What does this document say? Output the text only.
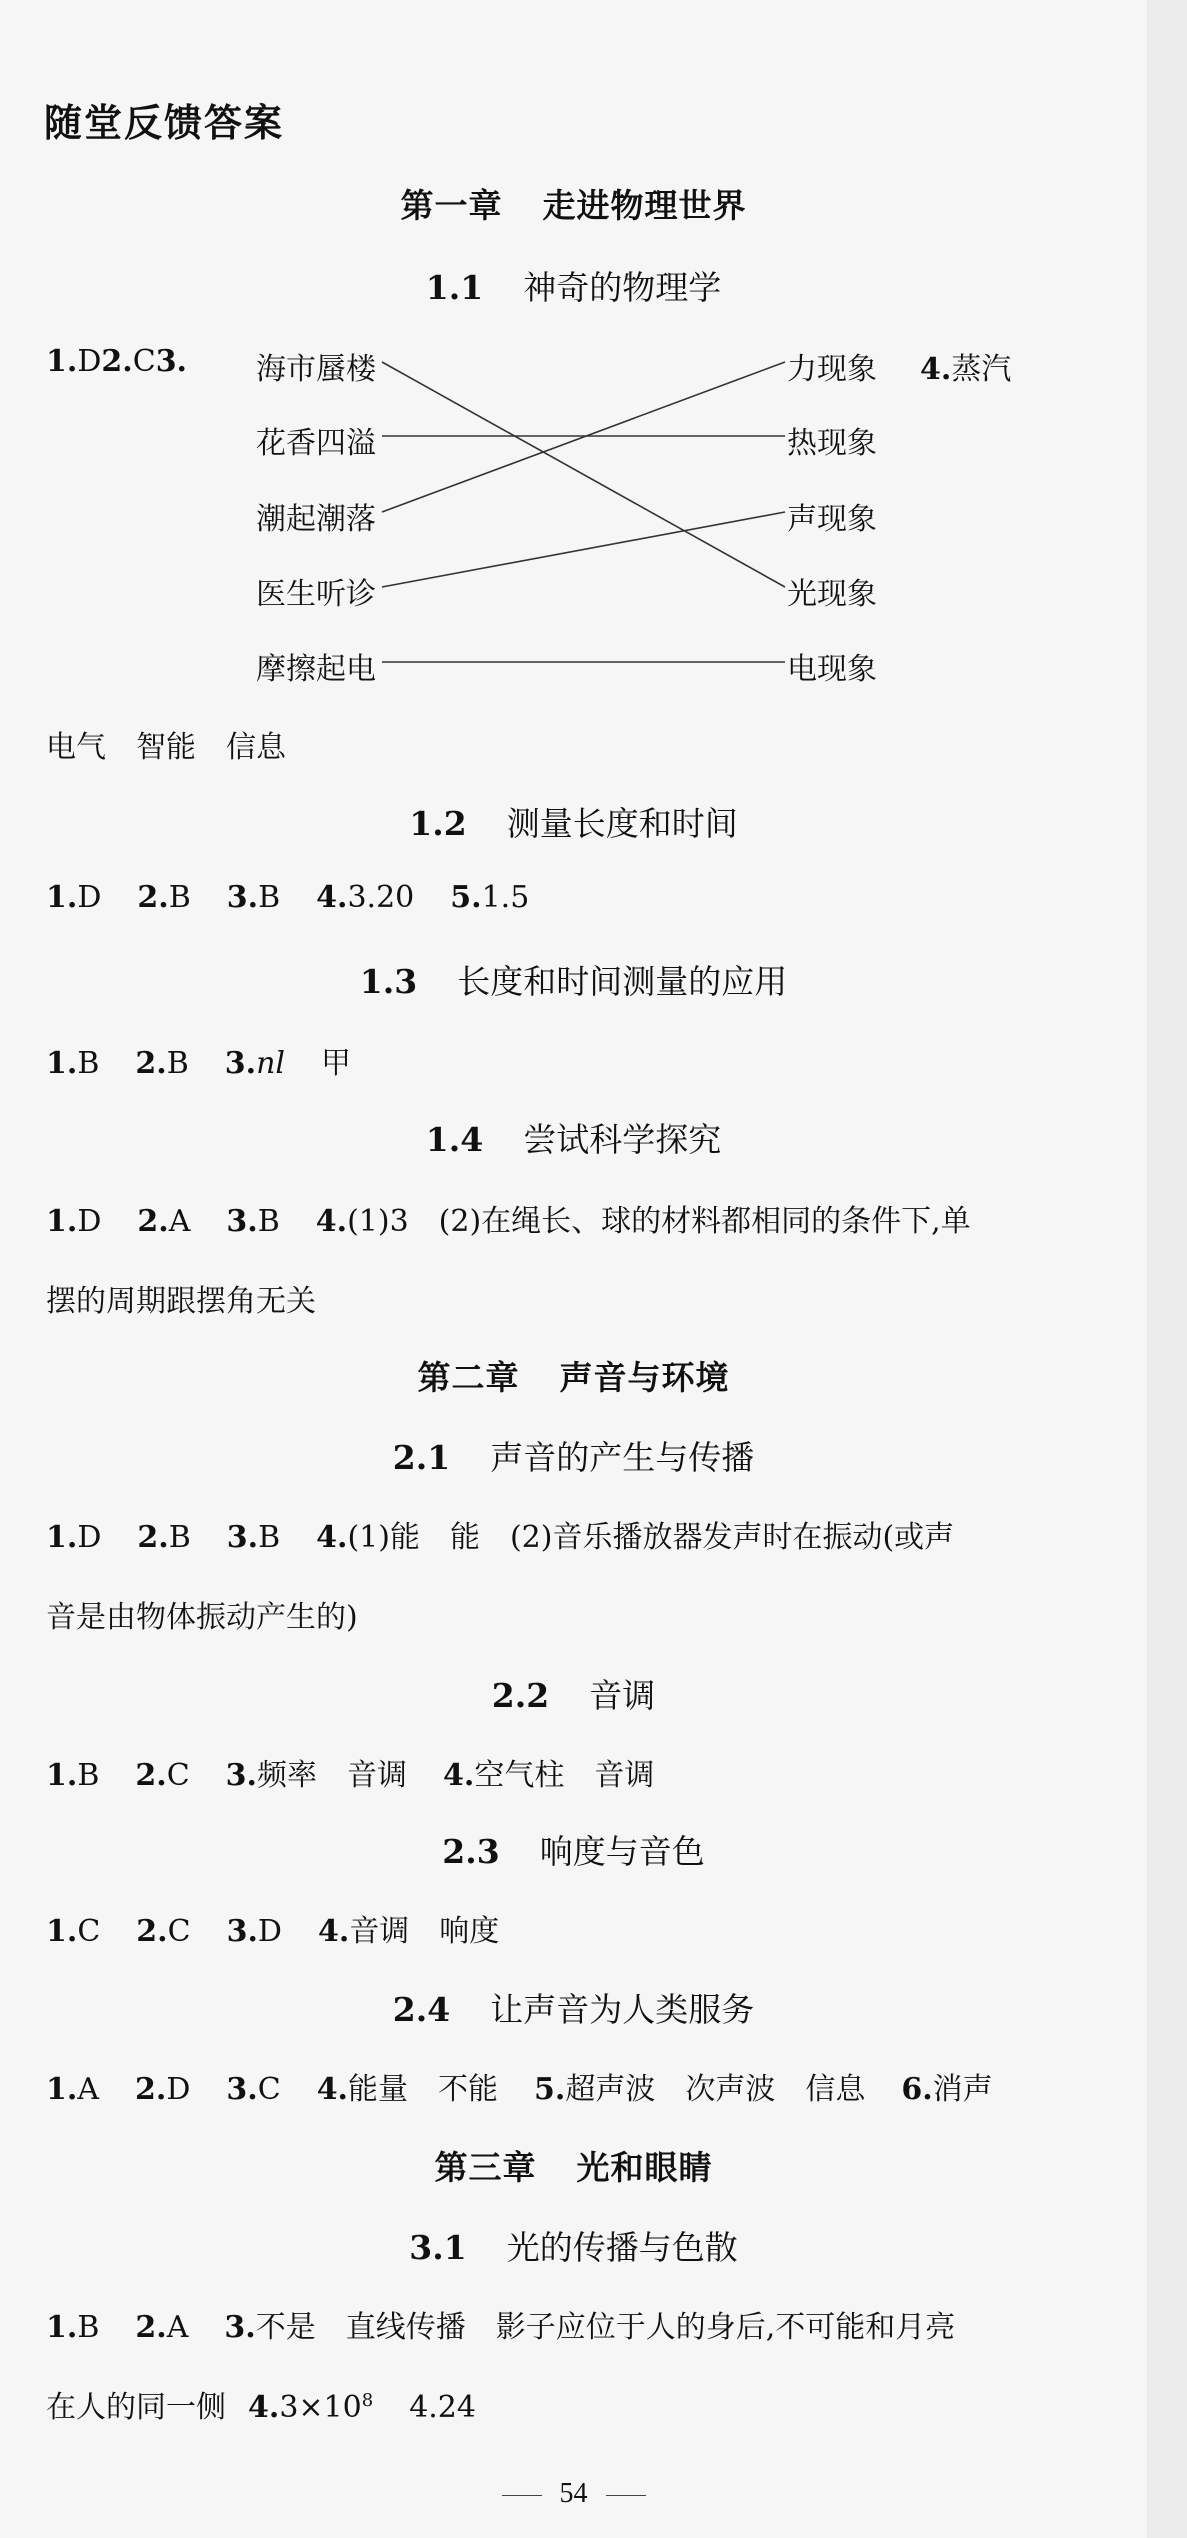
随堂反馈答案
第一章 走进物理世界
1.1 神奇的物理学
1.D2.C3. 海市蜃楼
花香四溢
潮起潮落
医生听诊
摩擦起电
力现象
热现象
声现象
光现象
电现象
4.蒸汽
电气　智能　信息
1.2 测量长度和时间
1.D 2.B 3.B 4.3.20 5.1.5
1.3 长度和时间测量的应用
1.B 2.B 3.nl 甲
1.4 尝试科学探究
1.D 2.A 3.B 4.(1)3　(2)在绳长、球的材料都相同的条件下,单
摆的周期跟摆角无关
第二章 声音与环境
2.1 声音的产生与传播
1.D 2.B 3.B 4.(1)能　能　(2)音乐播放器发声时在振动(或声
音是由物体振动产生的)
2.2 音调
1.B 2.C 3.频率　音调 4.空气柱　音调
2.3 响度与音色
1.C 2.C 3.D 4.音调　响度
2.4 让声音为人类服务
1.A 2.D 3.C 4.能量　不能 5.超声波　次声波　信息 6.消声
第三章 光和眼睛
3.1 光的传播与色散
1.B 2.A 3.不是　直线传播　影子应位于人的身后,不可能和月亮
在人的同一侧 $4.3\times 10^8$ 4.24
54
